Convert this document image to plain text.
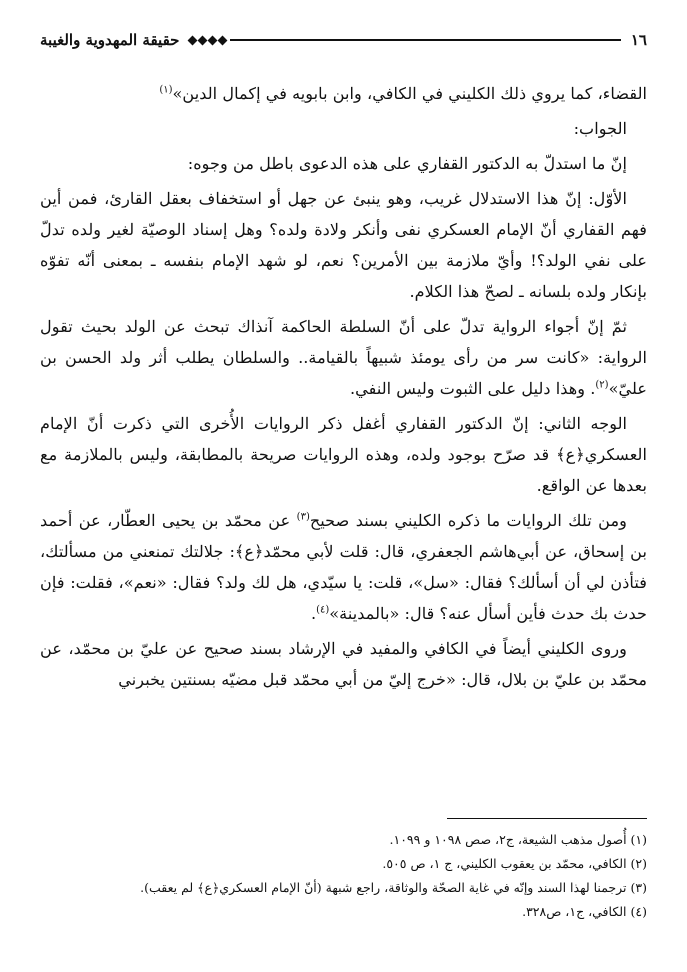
١٦
حقيقة المهدوية والغيبة

القضاء، كما يروي ذلك الكليني في الكافي، وابن بابويه في إكمال الدين»$^{(١)}$

الجواب:

إنّ ما استدلّ به الدكتور القفاري على هذه الدعوى باطل من وجوه:

الأوّل: إنّ هذا الاستدلال غريب، وهو ينبئ عن جهل أو استخفاف بعقل القارئ، فمن أين فهم القفاري أنّ الإمام العسكري نفى وأنكر ولادة ولده؟ وهل إسناد الوصيّة لغير ولده تدلّ على نفي الولد؟! وأيّ ملازمة بين الأمرين؟ نعم، لو شهد الإمام بنفسه ـ بمعنى أنّه تفوّه بإنكار ولده بلسانه ـ لصحّ هذا الكلام.

ثمّ إنّ أجواء الرواية تدلّ على أنّ السلطة الحاكمة آنذاك تبحث عن الولد بحيث تقول الرواية: «كانت سر من رأى يومئذ شبيهاً بالقيامة.. والسلطان يطلب أثر ولد الحسن بن عليّ»$^{(٢)}$. وهذا دليل على الثبوت وليس النفي.

الوجه الثاني: إنّ الدكتور القفاري أغفل ذكر الروايات الأُخرى التي ذكرت أنّ الإمام العسكري﴿ع﴾ قد صرّح بوجود ولده، وهذه الروايات صريحة بالمطابقة، وليس بالملازمة مع بعدها عن الواقع.

ومن تلك الروايات ما ذكره الكليني بسند صحيح$^{(٣)}$ عن محمّد بن يحيى العطّار، عن أحمد بن إسحاق، عن أبي‌هاشم الجعفري، قال: قلت لأبي محمّد﴿ع﴾: جلالتك تمنعني من مسألتك، فتأذن لي أن أسألك؟ فقال: «سل»، قلت: يا سيّدي، هل لك ولد؟ فقال: «نعم»، فقلت: فإن حدث بك حدث فأين أسأل عنه؟ قال: «بالمدينة»$^{(٤)}$.

وروى الكليني أيضاً في الكافي والمفيد في الإرشاد بسند صحيح عن عليّ بن محمّد، عن محمّد بن عليّ بن بلال، قال: «خرج إليّ من أبي محمّد قبل مضيّه بسنتين يخبرني

(١) أُصول مذهب الشيعة، ج٢، صص ١٠٩٨ و ١٠٩٩.

(٢) الكافي، محمّد بن يعقوب الكليني، ج ١، ص ٥٠٥.

(٣) ترجمنا لهذا السند وإنّه في غاية الصحّة والوثاقة، راجع شبهة (أنّ الإمام العسكري﴿ع﴾ لم يعقب).

(٤) الكافي، ج١، ص٣٢٨.
